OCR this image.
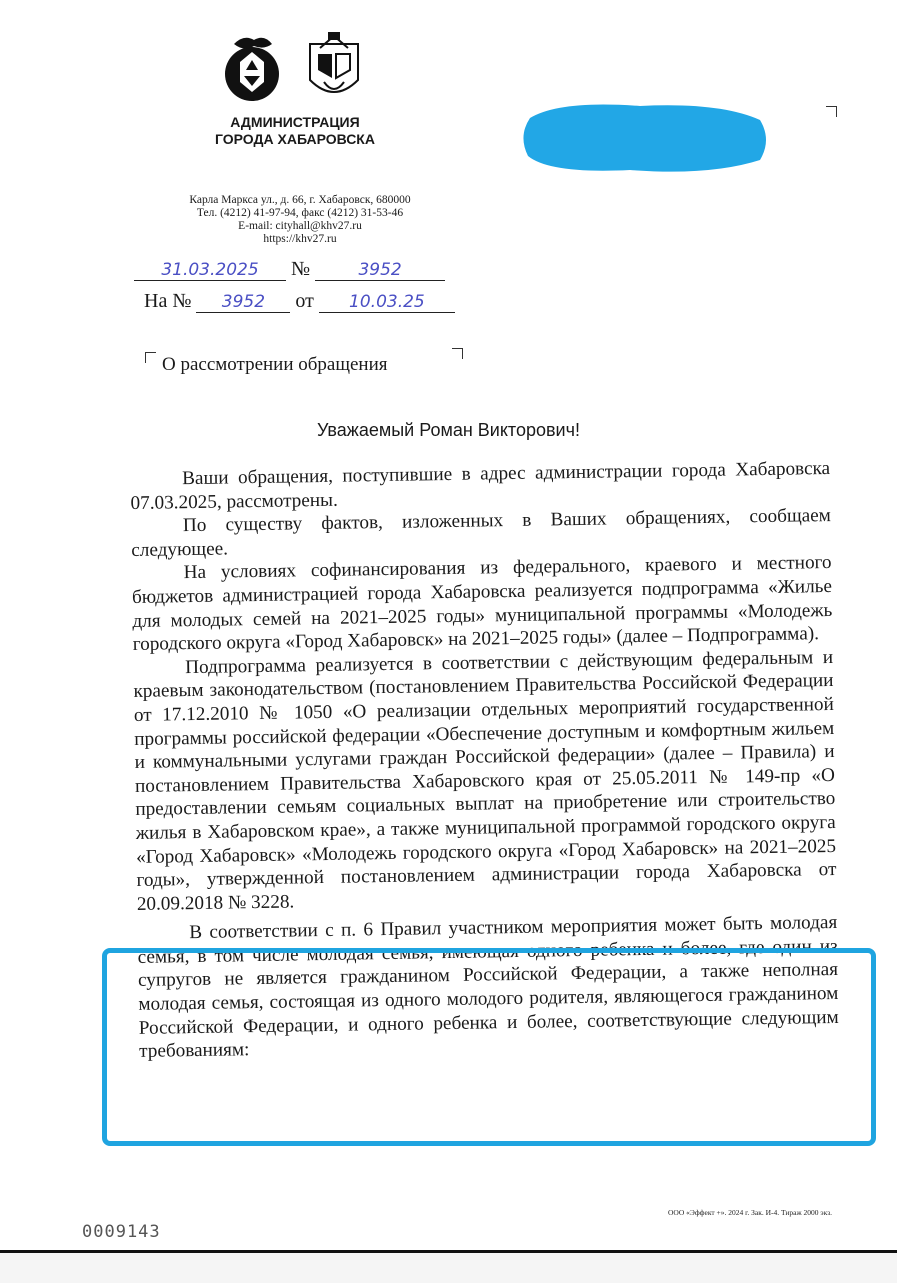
АДМИНИСТРАЦИЯ
ГОРОДА ХАБАРОВСКА
Карла Маркса ул., д. 66, г. Хабаровск, 680000
Тел. (4212) 41-97-94, факс (4212) 31-53-46
E-mail: cityhall@khv27.ru
https://khv27.ru
31.03.2025 №	3952
На № 3952 от 10.03.25
О рассмотрении обращения
Уважаемый Роман Викторович!

Ваши обращения, поступившие в адрес администрации города Хабаровска 07.03.2025, рассмотрены.

По существу фактов, изложенных в Ваших обращениях, сообщаем следующее.

На условиях софинансирования из федерального, краевого и местного бюджетов администрацией города Хабаровска реализуется подпрограмма «Жилье для молодых семей на 2021–2025 годы» муниципальной программы «Молодежь городского округа «Город Хабаровск» на 2021–2025 годы» (далее – Подпрограмма).

Подпрограмма реализуется в соответствии с действующим федеральным и краевым законодательством (постановлением Правительства Российской Федерации от 17.12.2010 № 1050 «О реализации отдельных мероприятий государственной программы российской федерации «Обеспечение доступным и комфортным жильем и коммунальными услугами граждан Российской федерации» (далее – Правила) и постановлением Правительства Хабаровского края от 25.05.2011 № 149-пр «О предоставлении семьям социальных выплат на приобретение или строительство жилья в Хабаровском крае», а также муниципальной программой городского округа «Город Хабаровск» «Молодежь городского округа «Город Хабаровск» на 2021–2025 годы», утвержденной постановлением администрации города Хабаровска от 20.09.2018 № 3228.

В соответствии с п. 6 Правил участником мероприятия может быть молодая семья, в том числе молодая семья, имеющая одного ребенка и более, где один из супругов не является гражданином Российской Федерации, а также неполная молодая семья, состоящая из одного молодого родителя, являющегося гражданином Российской Федерации, и одного ребенка и более, соответствующие следующим требованиям:

0009143
ООО «Эффект +». 2024 г. Зак. И-4. Тираж 2000 экз.
